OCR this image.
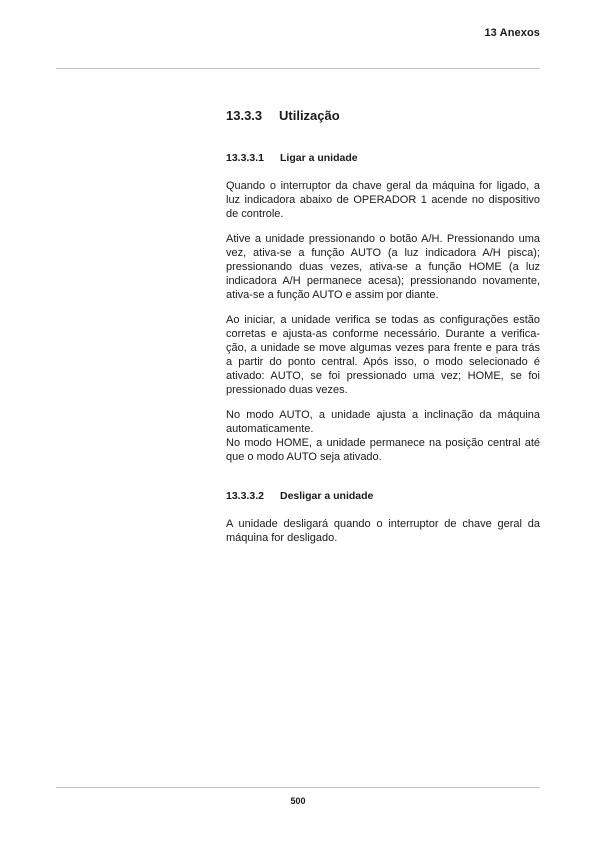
13 Anexos
13.3.3	Utilização
13.3.3.1	Ligar a unidade

Quando o interruptor da chave geral da máquina for ligado, a luz indicadora abaixo de OPERADOR 1 acende no dispositivo de controle.

Ative a unidade pressionando o botão A/H. Pressionando uma vez, ativa-se a função AUTO (a luz indicadora A/H pisca); pressionando duas vezes, ativa-se a função HOME (a luz indicadora A/H permanece acesa); pressionando novamente, ativa-se a função AUTO e assim por diante.

Ao iniciar, a unidade verifica se todas as configurações estão corretas e ajusta-as conforme necessário. Durante a verificação, a unidade se move algumas vezes para frente e para trás a partir do ponto central. Após isso, o modo selecionado é ativado: AUTO, se foi pressionado uma vez; HOME, se foi pressionado duas vezes.

No modo AUTO, a unidade ajusta a inclinação da máquina automaticamente.

No modo HOME, a unidade permanece na posição central até que o modo AUTO seja ativado.

13.3.3.2	Desligar a unidade

A unidade desligará quando o interruptor de chave geral da máquina for desligado.

500
